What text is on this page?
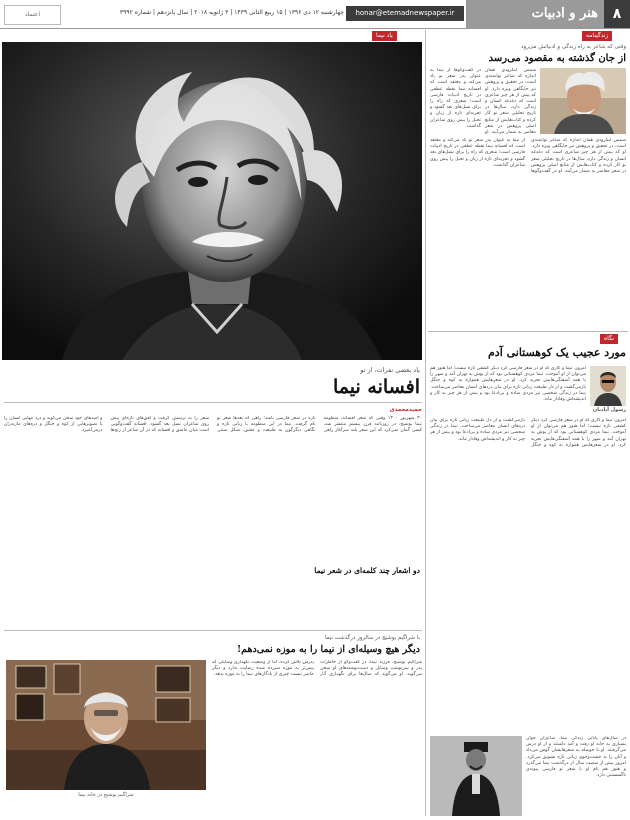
اعتماد	چهارشنبه ۱۲ دی ۱۳۹۶ | ۱۵ ربیع الثانی ۱۴۳۹ | ۳ ژانویه ۲۰۱۸ | سال پانزدهم | شماره ۳۹۹۲	honar@etemadnewspaper.ir	هنر و ادبیات	۸
یاد نیما
یاد بعضی نفرات، از تو
افسانه نیما
حمیدمحمدی
۳۰ شهریور ۱۳۰۰ وقتی که شعر افسانه، منظومه نیما یوشیج، در روزنامه قرن بیستم منتشر شد، کسی گمان نمی‌کرد که این شعر بلند سرآغاز راهی تازه در شعر فارسی باشد؛ راهی که بعدها شعر نو نام گرفت. نیما در این منظومه با زبانی تازه و نگاهی دیگرگون به طبیعت و عشق، شکل سنتی شعر را به پرسش گرفت و افق‌های تازه‌ای پیش روی شاعران نسل بعد گشود. افسانه گفت‌وگویی است میان عاشق و افسانه که در آن شاعر از رنج‌ها و امیدهای خود سخن می‌گوید و درد تنهایی انسان را با تصویرهایی از کوه و جنگل و دره‌های مازندران درمی‌آمیزد.
دو اشعار چند کلمه‌ای در شعر نیما
با شراگیم یوشیج در سالروز درگذشت نیما
دیگر هیچ وسیله‌ای از نیما را به موزه نمی‌دهم!
شراگیم یوشیج در خانه نیما
شراگیم یوشیج، فرزند نیما، در گفت‌وگو از خاطرات پدر و سرنوشت وسایل و دست‌نوشته‌های او سخن می‌گوید. او می‌گوید که سال‌ها برای نگهداری آثار پدرش تلاش کرده، اما از وضعیت نگهداری وسایلی که پیش‌تر به موزه سپرده شده رضایت ندارد و دیگر حاضر نیست چیزی از یادگارهای نیما را به موزه بدهد.
زندگینامه
وقتی که شاعر به راه زندگی و ادبیاتش می‌رود
از جان گذشته به مقصود می‌رسد
شمس لنگرودی همان اندازه که شاعر توانمندی است، در تحقیق و پژوهش نیز جایگاهی ویژه دارد. او که پیش از هر چیز شاعری است که دغدغه انسان و زندگی دارد، سال‌ها در تاریخ تحلیلی شعر نو کار کرده و کتاب‌هایش از منابع اصلی پژوهش در شعر معاصر به شمار می‌آیند. او در گفت‌وگوها از نیما به عنوان پدر شعر نو یاد می‌کند و معتقد است که افسانه نیما نقطه عطفی در تاریخ ادبیات فارسی است؛ شعری که راه را برای نسل‌های بعد گشود و تجربه‌ای تازه از زبان و تخیل را پیش روی شاعران گذاشت.
شمس لنگرودی همان اندازه که شاعر توانمندی است، در تحقیق و پژوهش نیز جایگاهی ویژه دارد. او که پیش از هر چیز شاعری است که دغدغه انسان و زندگی دارد، سال‌ها در تاریخ تحلیلی شعر نو کار کرده و کتاب‌هایش از منابع اصلی پژوهش در شعر معاصر به شمار می‌آیند. او در گفت‌وگوها از نیما به عنوان پدر شعر نو یاد می‌کند و معتقد است که افسانه نیما نقطه عطفی در تاریخ ادبیات فارسی است؛ شعری که راه را برای نسل‌های بعد گشود و تجربه‌ای تازه از زبان و تخیل را پیش روی شاعران گذاشت.
نگاه
مورد عجیب یک کوهستانی آدم
رسول آبادیان
امروز، نیما و کاری که او در شعر فارسی کرد دیگر کشفی تازه نیست؛ اما هنوز هم می‌توان از او آموخت. نیما مردی کوهستانی بود که از یوش به تهران آمد و شهر را با همه آشفتگی‌هایش تجربه کرد. او در شعرهایش همواره به کوه و جنگل بازمی‌گشت و از دل طبیعت زبانی تازه برای بیان دردهای انسان معاصر می‌ساخت. نیما در زندگی شخصی نیز مردی ساده و بی‌ادعا بود و بیش از هر چیز به کار و اندیشه‌اش وفادار ماند.
امروز، نیما و کاری که او در شعر فارسی کرد دیگر کشفی تازه نیست؛ اما هنوز هم می‌توان از او آموخت. نیما مردی کوهستانی بود که از یوش به تهران آمد و شهر را با همه آشفتگی‌هایش تجربه کرد. او در شعرهایش همواره به کوه و جنگل بازمی‌گشت و از دل طبیعت زبانی تازه برای بیان دردهای انسان معاصر می‌ساخت. نیما در زندگی شخصی نیز مردی ساده و بی‌ادعا بود و بیش از هر چیز به کار و اندیشه‌اش وفادار ماند.
در سال‌های پایانی زندگی نیما، شاعران جوان بسیاری به خانه او رفت و آمد داشتند و از او درس می‌گرفتند. او با حوصله به شعرهایشان گوش می‌داد و آنان را به جست‌وجوی زبانی تازه تشویق می‌کرد. امروز بیش از شصت سال از درگذشت نیما می‌گذرد و هنوز هم نام او با شعر نو فارسی پیوندی ناگسستنی دارد.
